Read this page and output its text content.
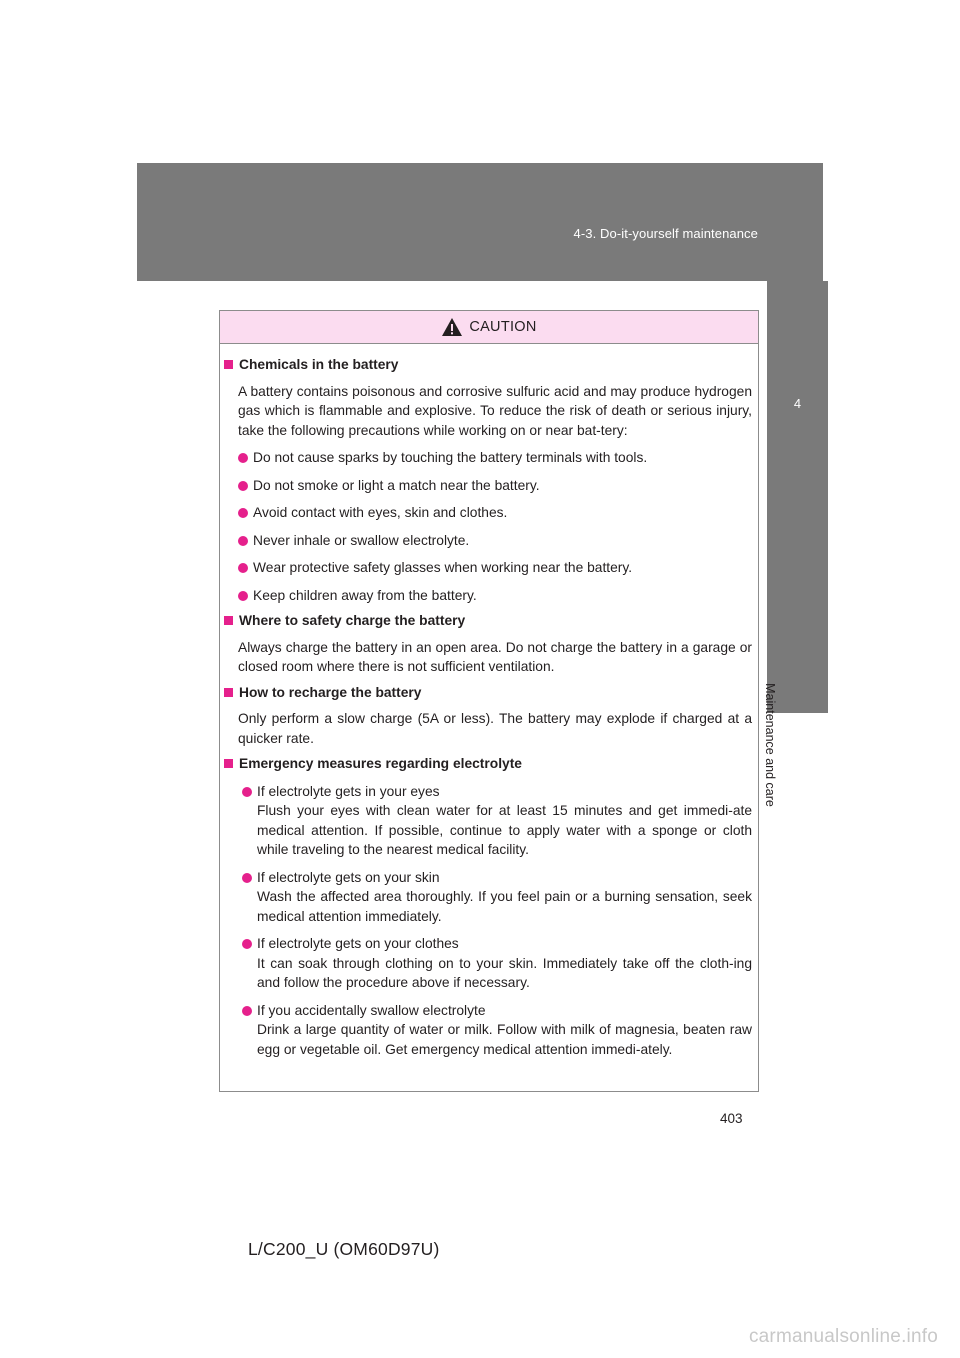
4-3. Do-it-yourself maintenance
4
Maintenance and care
CAUTION
Chemicals in the battery
A battery contains poisonous and corrosive sulfuric acid and may produce hydrogen gas which is flammable and explosive. To reduce the risk of death or serious injury, take the following precautions while working on or near bat-tery:
Do not cause sparks by touching the battery terminals with tools.
Do not smoke or light a match near the battery.
Avoid contact with eyes, skin and clothes.
Never inhale or swallow electrolyte.
Wear protective safety glasses when working near the battery.
Keep children away from the battery.
Where to safety charge the battery
Always charge the battery in an open area. Do not charge the battery in a garage or closed room where there is not sufficient ventilation.
How to recharge the battery
Only perform a slow charge (5A or less). The battery may explode if charged at a quicker rate.
Emergency measures regarding electrolyte
If electrolyte gets in your eyes
Flush your eyes with clean water for at least 15 minutes and get immedi-ate medical attention. If possible, continue to apply water with a sponge or cloth while traveling to the nearest medical facility.
If electrolyte gets on your skin
Wash the affected area thoroughly. If you feel pain or a burning sensation, seek medical attention immediately.
If electrolyte gets on your clothes
It can soak through clothing on to your skin. Immediately take off the cloth-ing and follow the procedure above if necessary.
If you accidentally swallow electrolyte
Drink a large quantity of water or milk. Follow with milk of magnesia, beaten raw egg or vegetable oil. Get emergency medical attention immedi-ately.
403
L/C200_U (OM60D97U)
carmanualsonline.info
